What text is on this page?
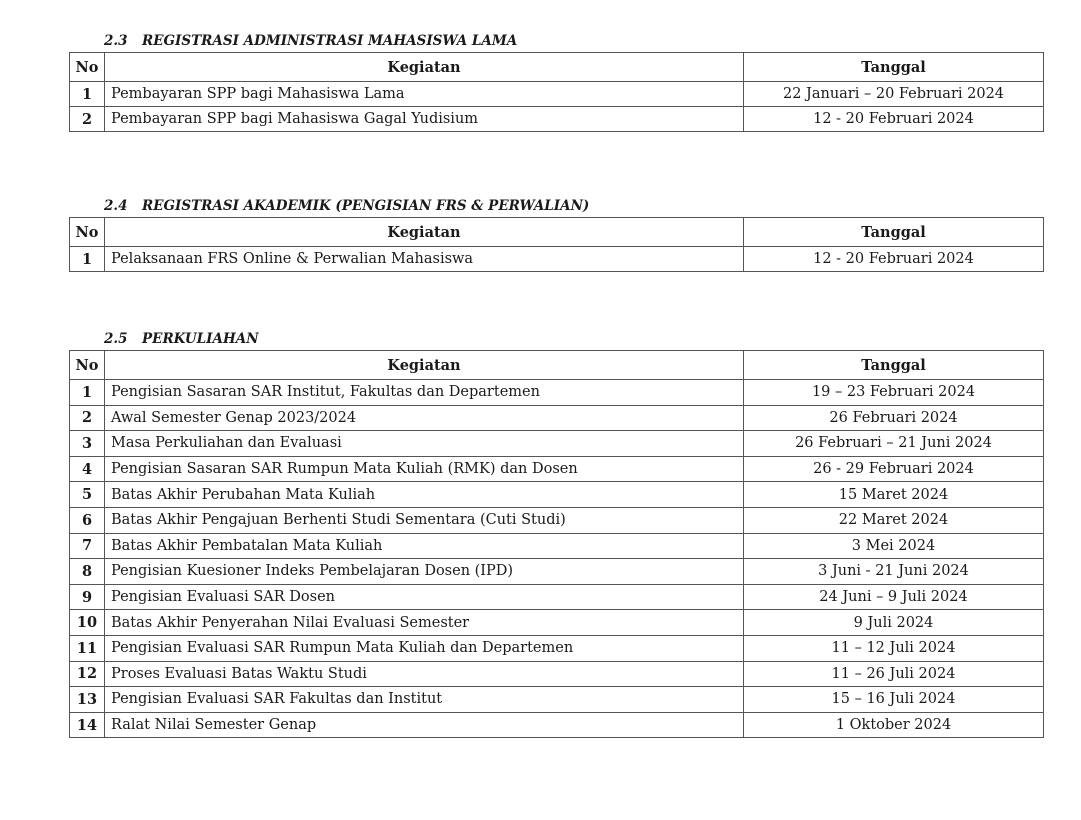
2.3 REGISTRASI ADMINISTRASI MAHASISWA LAMA
No	Kegiatan	Tanggal
1	Pembayaran SPP bagi Mahasiswa Lama	22 Januari – 20 Februari 2024
2	Pembayaran SPP bagi Mahasiswa Gagal Yudisium	12 - 20 Februari 2024
2.4 REGISTRASI AKADEMIK (PENGISIAN FRS & PERWALIAN)
No	Kegiatan	Tanggal
1	Pelaksanaan FRS Online & Perwalian Mahasiswa	12 - 20 Februari 2024
2.5 PERKULIAHAN
No	Kegiatan	Tanggal
1	Pengisian Sasaran SAR Institut, Fakultas dan Departemen	19 – 23 Februari 2024
2	Awal Semester Genap 2023/2024	26 Februari 2024
3	Masa Perkuliahan dan Evaluasi	26 Februari – 21 Juni 2024
4	Pengisian Sasaran SAR Rumpun Mata Kuliah (RMK) dan Dosen	26 - 29 Februari 2024
5	Batas Akhir Perubahan Mata Kuliah	15 Maret 2024
6	Batas Akhir Pengajuan Berhenti Studi Sementara (Cuti Studi)	22 Maret 2024
7	Batas Akhir Pembatalan Mata Kuliah	3 Mei 2024
8	Pengisian Kuesioner Indeks Pembelajaran Dosen (IPD)	3 Juni - 21 Juni 2024
9	Pengisian Evaluasi SAR Dosen	24 Juni – 9 Juli 2024
10	Batas Akhir Penyerahan Nilai Evaluasi Semester	9 Juli 2024
11	Pengisian Evaluasi SAR Rumpun Mata Kuliah dan Departemen	11 – 12 Juli 2024
12	Proses Evaluasi Batas Waktu Studi	11 – 26 Juli 2024
13	Pengisian Evaluasi SAR Fakultas dan Institut	15 – 16 Juli 2024
14	Ralat Nilai Semester Genap	1 Oktober 2024
